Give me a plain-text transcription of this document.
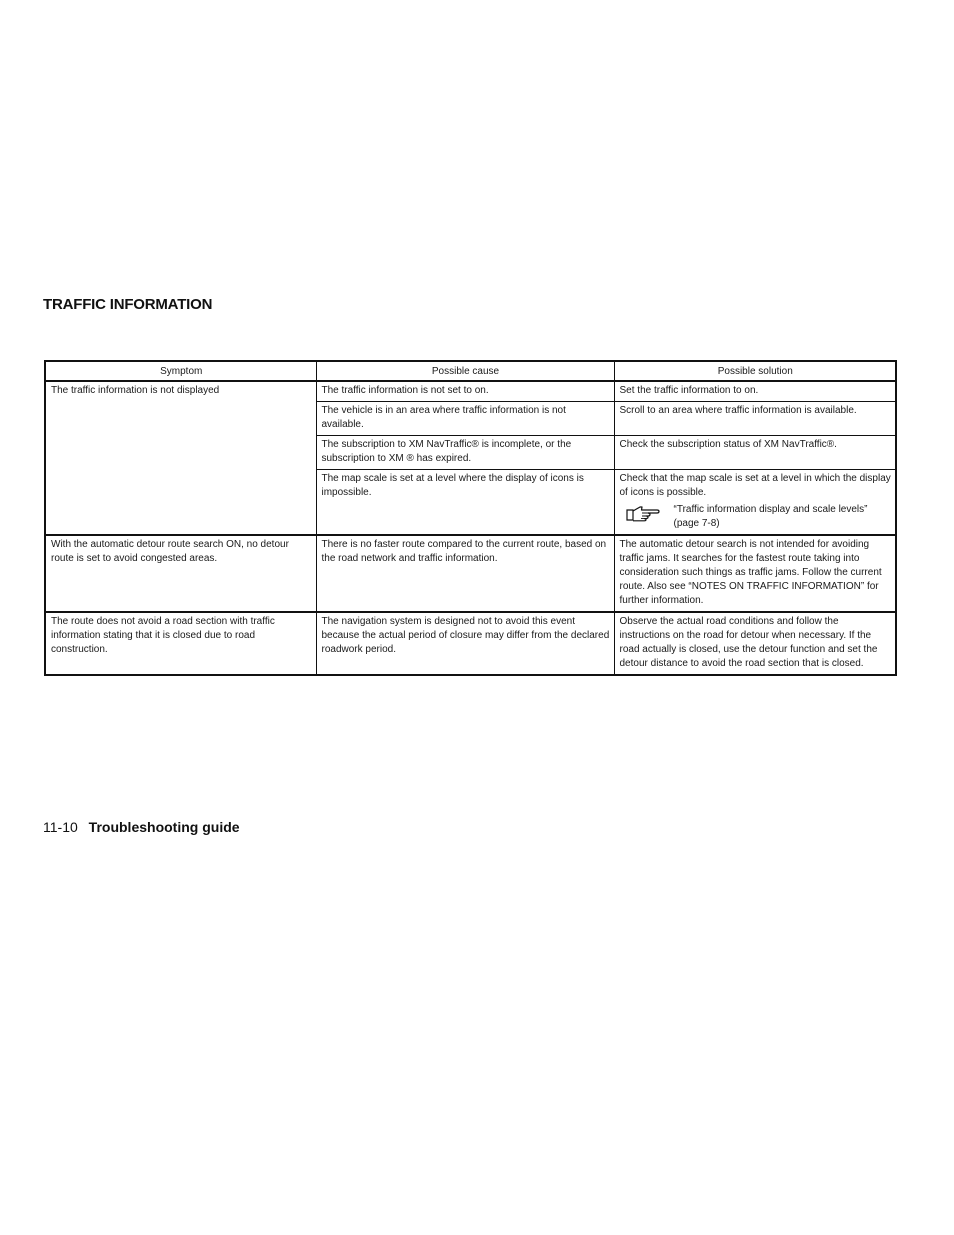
TRAFFIC INFORMATION
Symptom	Possible cause	Possible solution
The traffic information is not displayed	The traffic information is not set to on.	Set the traffic information to on.
	The vehicle is in an area where traffic information is not available.	Scroll to an area where traffic information is available.
	The subscription to XM NavTraffic® is incomplete, or the subscription to XM ® has expired.	Check the subscription status of XM NavTraffic®.
	The map scale is set at a level where the display of icons is impossible.	Check that the map scale is set at a level in which the display of icons is possible.
“Traffic information display and scale levels” (page 7-8)

With the automatic detour route search ON, no detour route is set to avoid congested areas.	There is no faster route compared to the current route, based on the road network and traffic information.	The automatic detour search is not intended for avoiding traffic jams. It searches for the fastest route taking into consideration such things as traffic jams. Follow the current route. Also see “NOTES ON TRAFFIC INFORMATION” for further information.
The route does not avoid a road section with traffic information stating that it is closed due to road construction.	The navigation system is designed not to avoid this event because the actual period of closure may differ from the declared roadwork period.	Observe the actual road conditions and follow the instructions on the road for detour when necessary. If the road actually is closed, use the detour function and set the detour distance to avoid the road section that is closed.
11-10 Troubleshooting guide
